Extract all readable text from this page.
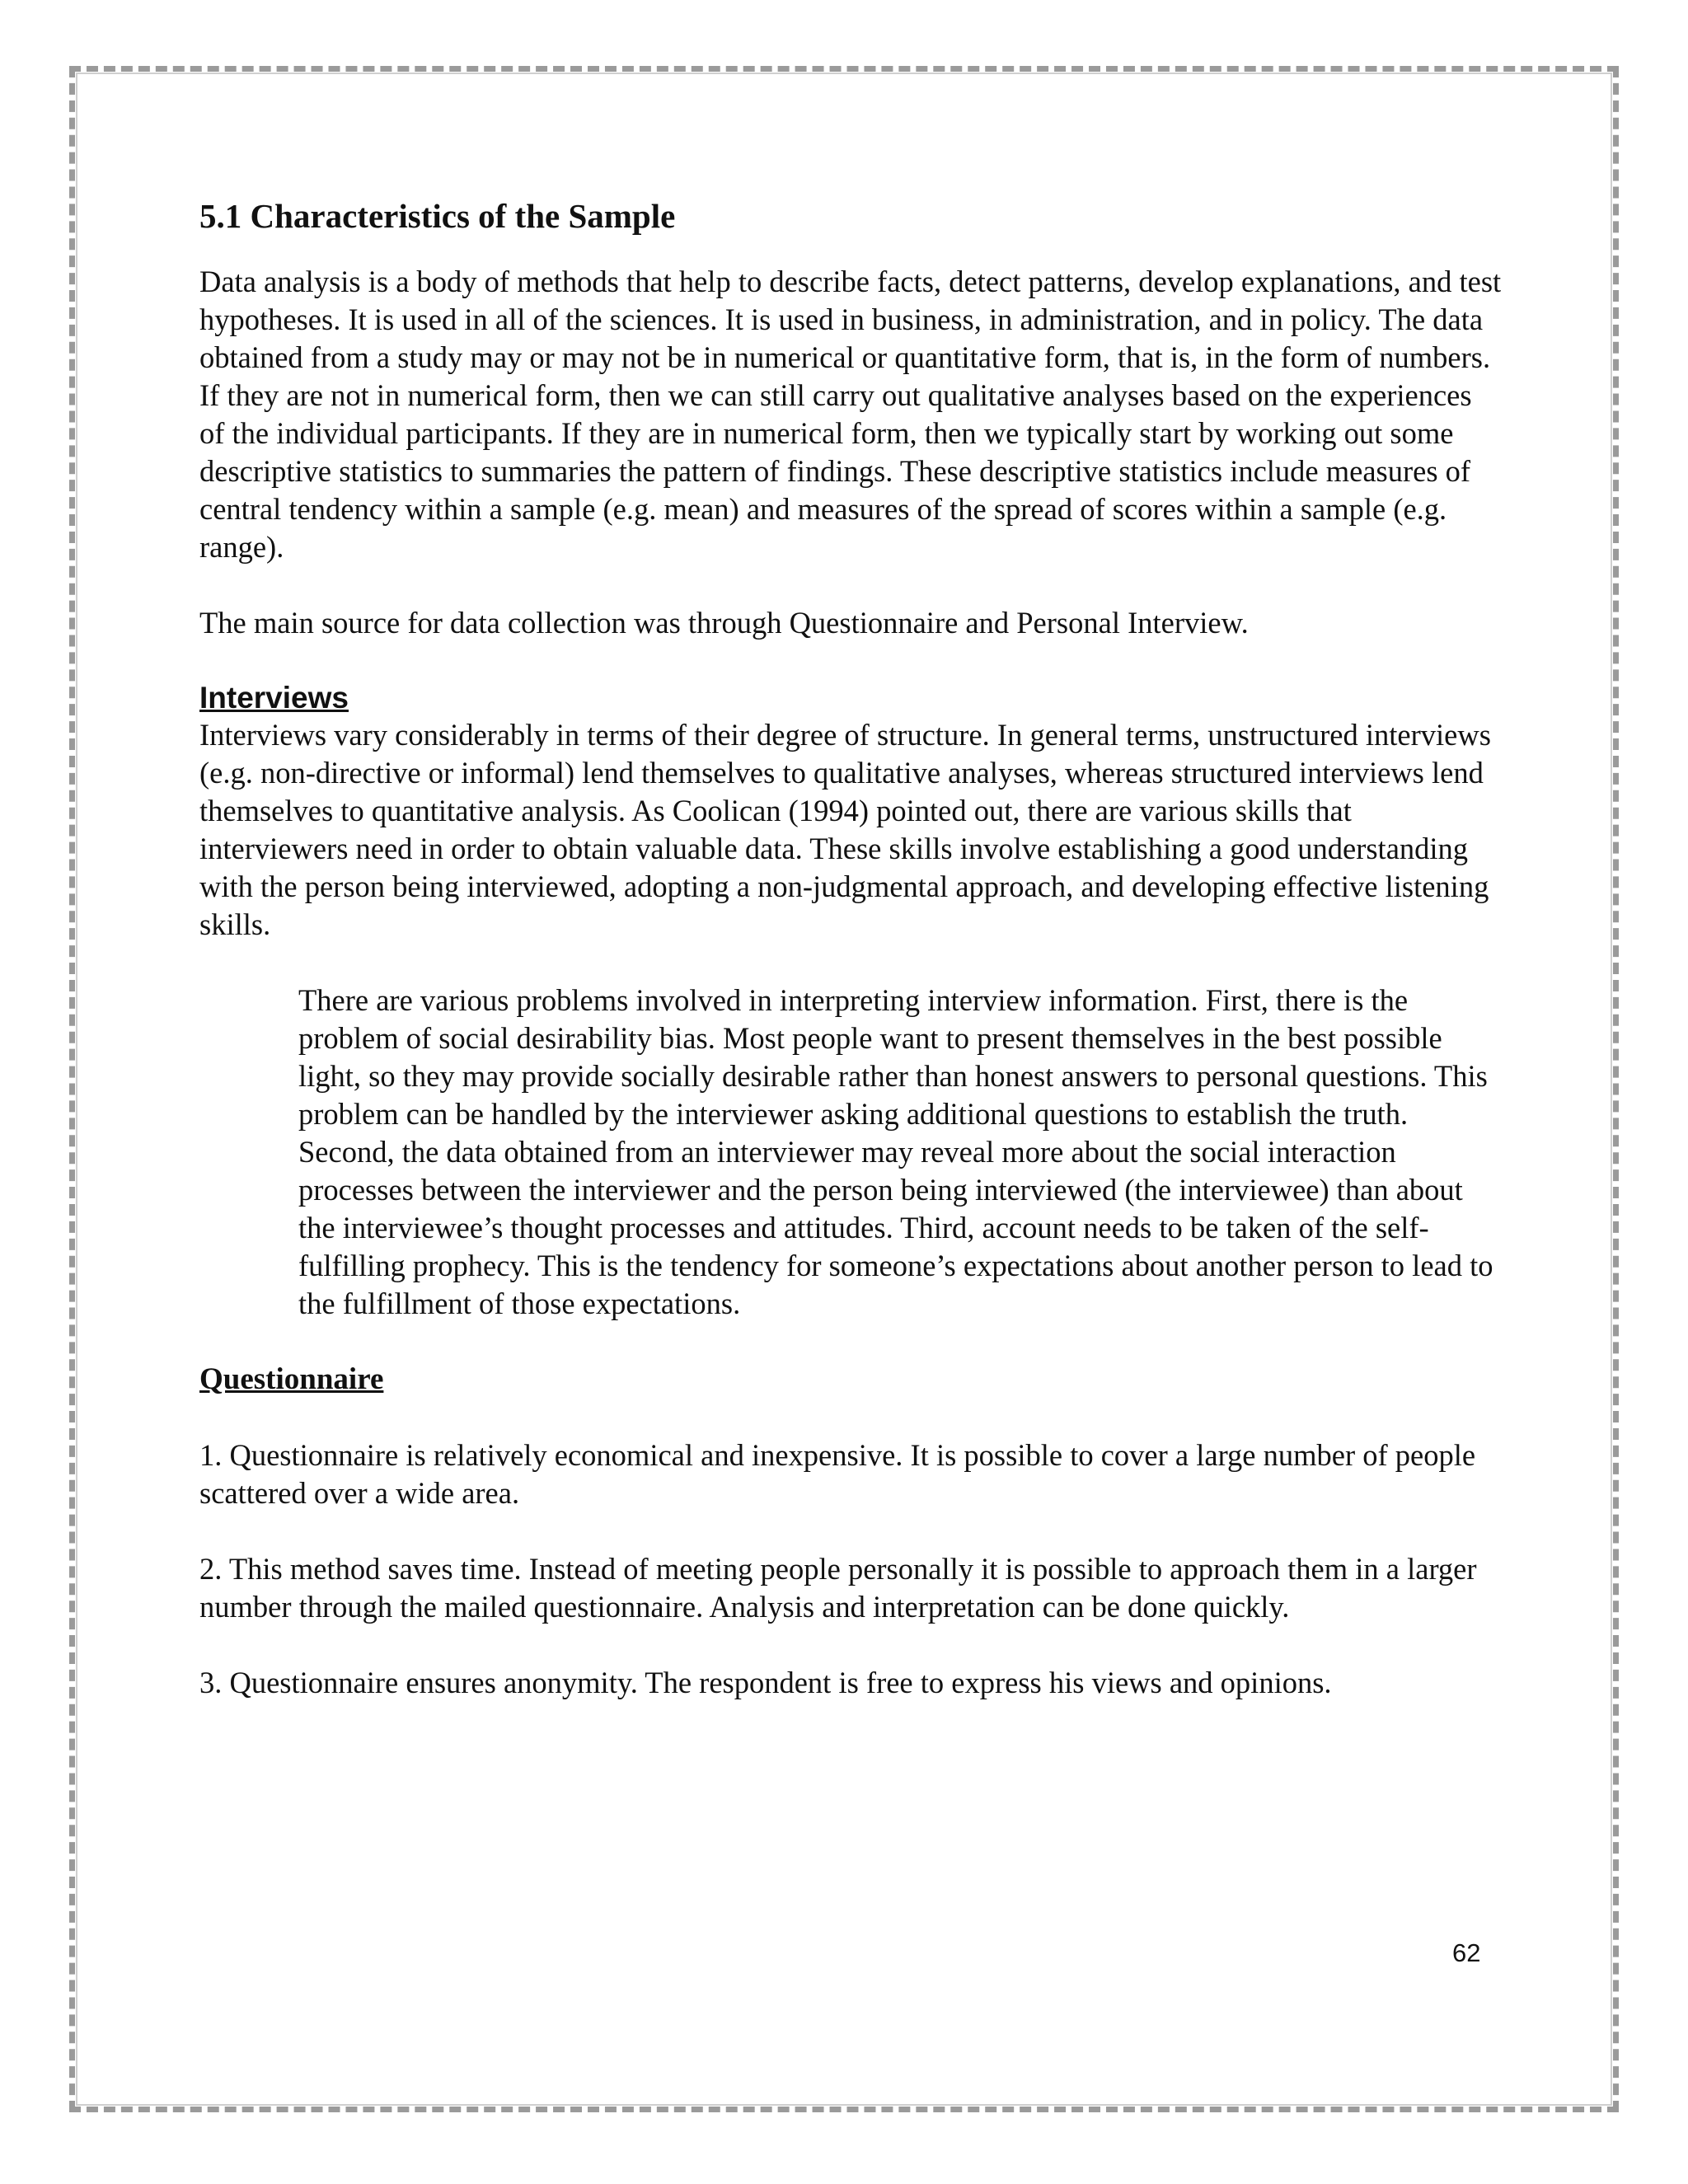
5.1 Characteristics of the Sample

Data analysis is a body of methods that help to describe facts, detect patterns, develop explanations, and test hypotheses. It is used in all of the sciences. It is used in business, in administration, and in policy. The data obtained from a study may or may not be in numerical or quantitative form, that is, in the form of numbers. If they are not in numerical form, then we can still carry out qualitative analyses based on the experiences of the individual participants. If they are in numerical form, then we typically start by working out some descriptive statistics to summaries the pattern of findings. These descriptive statistics include measures of central tendency within a sample (e.g. mean) and measures of the spread of scores within a sample (e.g. range).

The main source for data collection was through Questionnaire and Personal Interview.

Interviews

Interviews vary considerably in terms of their degree of structure. In general terms, unstructured interviews (e.g. non-directive or informal) lend themselves to qualitative analyses, whereas structured interviews lend themselves to quantitative analysis. As Coolican (1994) pointed out, there are various skills that interviewers need in order to obtain valuable data. These skills involve establishing a good understanding with the person being interviewed, adopting a non-judgmental approach, and developing effective listening skills.

There are various problems involved in interpreting interview information. First, there is the problem of social desirability bias. Most people want to present themselves in the best possible light, so they may provide socially desirable rather than honest answers to personal questions. This problem can be handled by the interviewer asking additional questions to establish the truth. Second, the data obtained from an interviewer may reveal more about the social interaction processes between the interviewer and the person being interviewed (the interviewee) than about the interviewee’s thought processes and attitudes. Third, account needs to be taken of the self-fulfilling prophecy. This is the tendency for someone’s expectations about another person to lead to the fulfillment of those expectations.

Questionnaire

1. Questionnaire is relatively economical and inexpensive. It is possible to cover a large number of people scattered over a wide area.

2. This method saves time. Instead of meeting people personally it is possible to approach them in a larger number through the mailed questionnaire. Analysis and interpretation can be done quickly.

3. Questionnaire ensures anonymity. The respondent is free to express his views and opinions.

62
